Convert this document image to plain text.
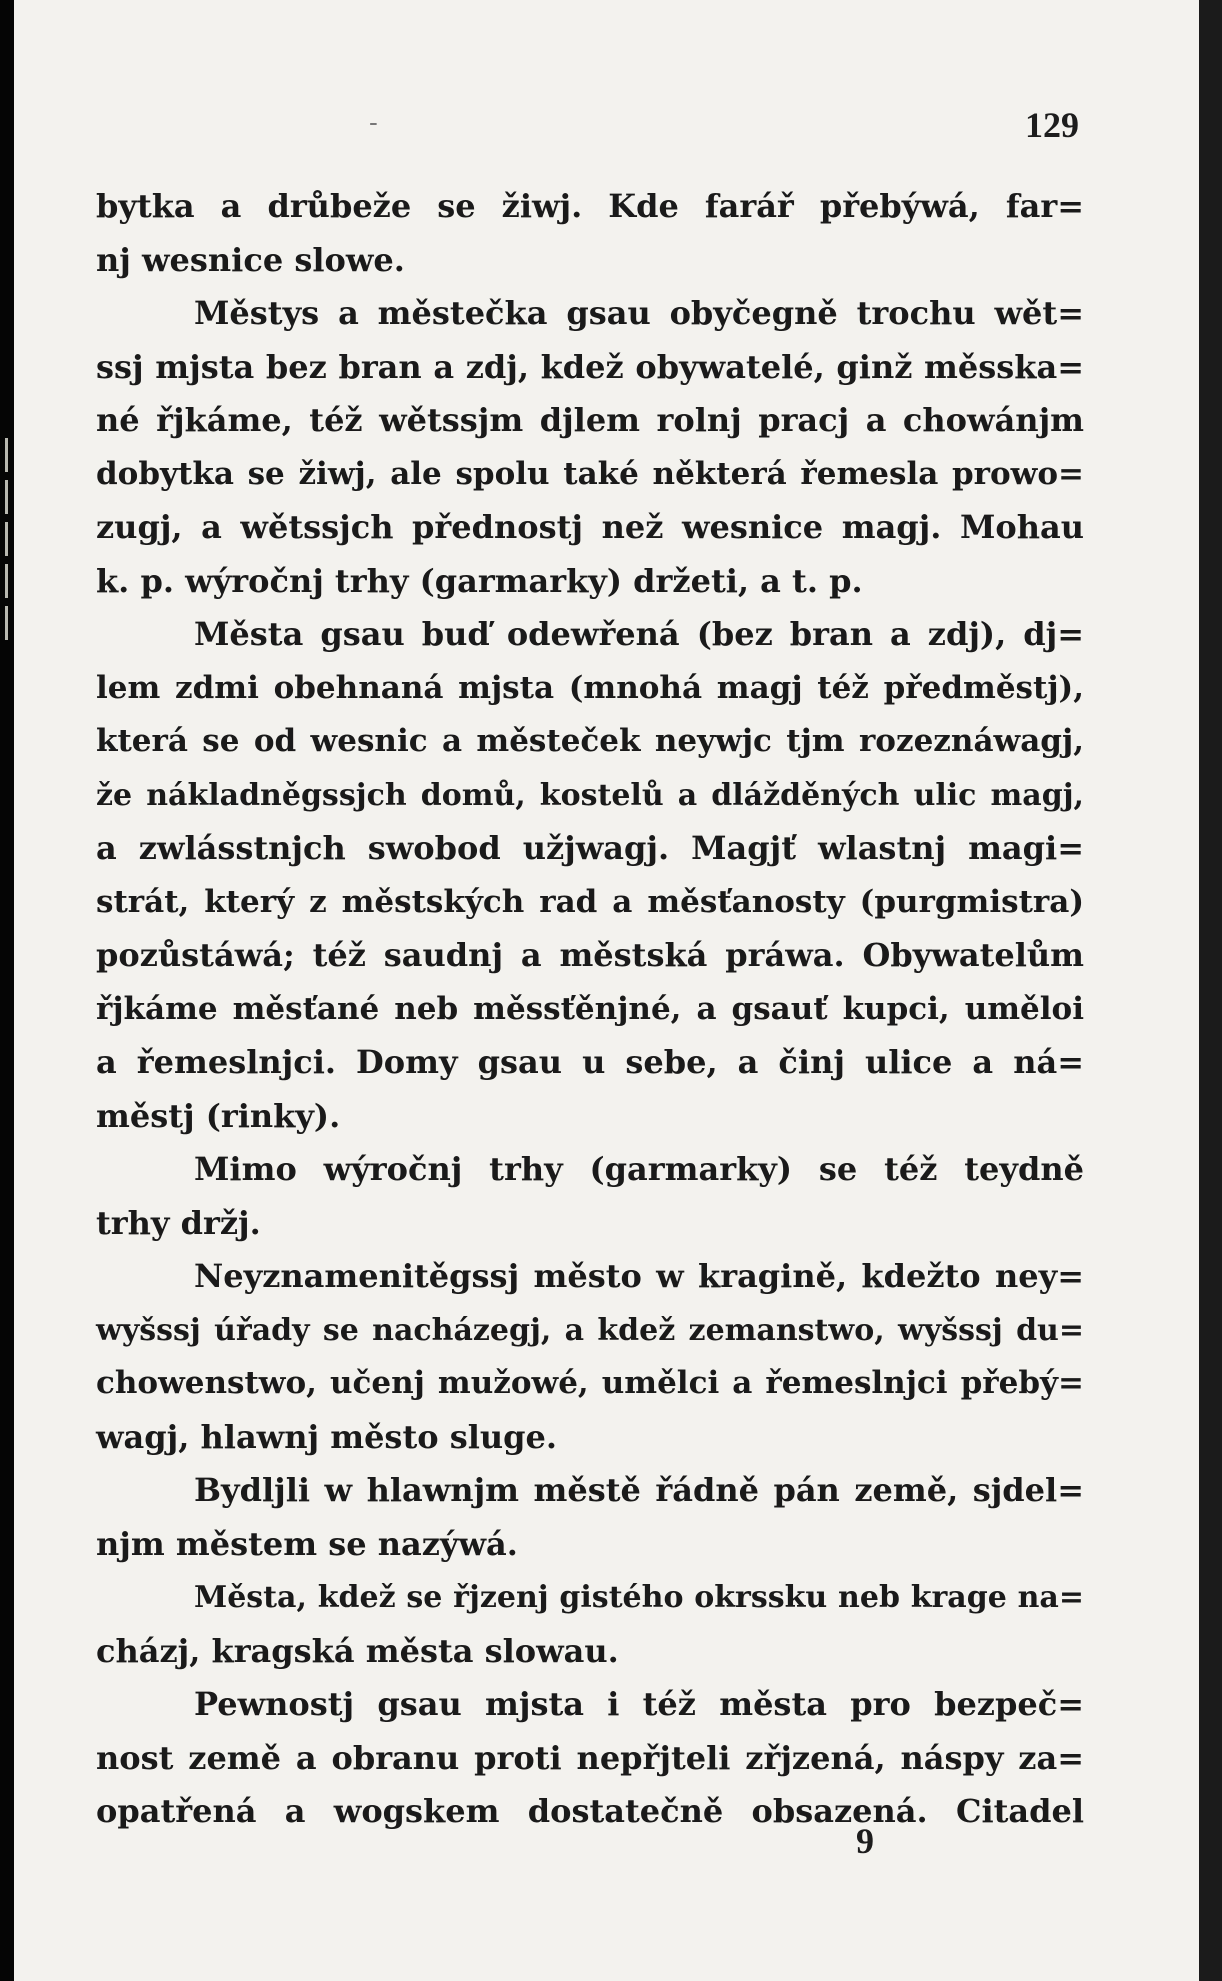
-	129
bytka a drůbeže se žiwj. Kde farář přebýwá, far=
nj wesnice slowe.
Městys a městečka gsau obyčegně trochu wět=
ssj mjsta bez bran a zdj, kdež obywatelé, ginž měsska=
né řjkáme, též wětssjm djlem rolnj pracj a chowánjm
dobytka se žiwj, ale spolu také některá řemesla prowo=
zugj, a wětssjch přednostj než wesnice magj. Mohau
k. p. wýročnj trhy (garmarky) držeti, a t. p.
Města gsau buď odewřená (bez bran a zdj), dj=
lem zdmi obehnaná mjsta (mnohá magj též předměstj),
která se od wesnic a městeček neywjc tjm rozeznáwagj,
že nákladněgssjch domů, kostelů a dlážděných ulic magj,
a zwlásstnjch swobod užjwagj. Magjť wlastnj magi=
strát, který z městských rad a měsťanosty (purgmistra)
pozůstáwá; též saudnj a městská práwa. Obywatelům
řjkáme měsťané neb měssťěnjné, a gsauť kupci, uměloi
a řemeslnjci. Domy gsau u sebe, a činj ulice a ná=
městj (rinky).
Mimo wýročnj trhy (garmarky) se též teydně
trhy držj.
Neyznamenitěgssj město w kragině, kdežto ney=
wyšssj úřady se nacházegj, a kdež zemanstwo, wyšssj du=
chowenstwo, učenj mužowé, umělci a řemeslnjci přebý=
wagj, hlawnj město sluge.
Bydljli w hlawnjm městě řádně pán země, sjdel=
njm městem se nazýwá.
Města, kdež se řjzenj gistého okrssku neb krage na=
cházj, kragská města slowau.
Pewnostj gsau mjsta i též města pro bezpeč=
nost země a obranu proti nepřjteli zřjzená, náspy za=
opatřená a wogskem dostatečně obsazená. Citadel
9
